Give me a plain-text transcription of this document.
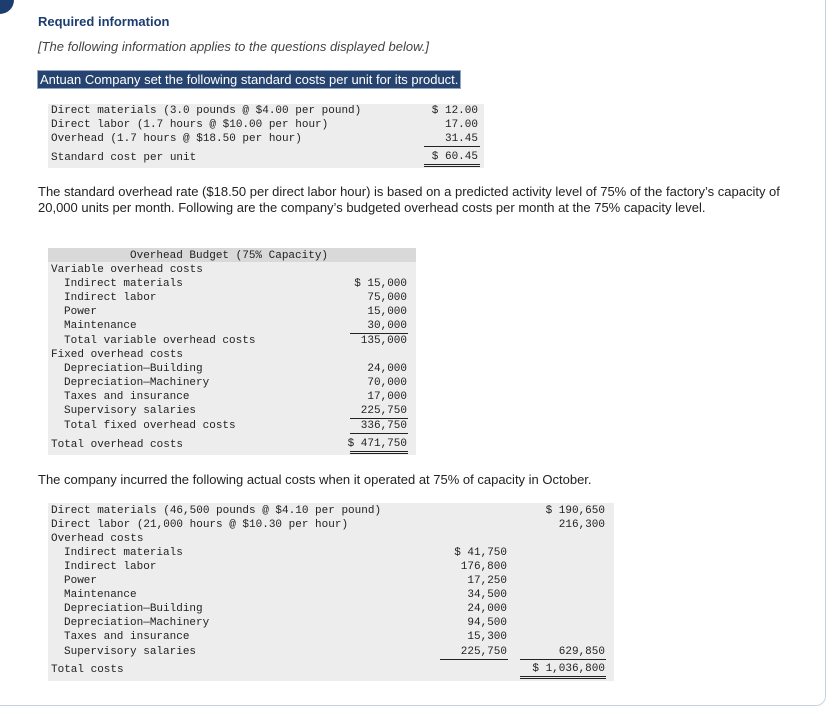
Required information
[The following information applies to the questions displayed below.]
Antuan Company set the following standard costs per unit for its product.
Direct materials (3.0 pounds @ $4.00 per pound)	$ 12.00
Direct labor (1.7 hours @ $10.00 per hour)	17.00
Overhead (1.7 hours @ $18.50 per hour)	31.45
Standard cost per unit	$ 60.45
The standard overhead rate ($18.50 per direct labor hour) is based on a predicted activity level of 75% of the factory’s capacity of 20,000 units per month. Following are the company’s budgeted overhead costs per month at the 75% capacity level.
Overhead Budget (75% Capacity)
Variable overhead costs
Indirect materials	$ 15,000
Indirect labor	75,000
Power	15,000
Maintenance	30,000
Total variable overhead costs	135,000
Fixed overhead costs
Depreciation—Building	24,000
Depreciation—Machinery	70,000
Taxes and insurance	17,000
Supervisory salaries	225,750
Total fixed overhead costs	336,750
Total overhead costs	$ 471,750
The company incurred the following actual costs when it operated at 75% of capacity in October.
Direct materials (46,500 pounds @ $4.10 per pound)	$ 190,650
Direct labor (21,000 hours @ $10.30 per hour)	216,300
Overhead costs
Indirect materials	$ 41,750
Indirect labor	176,800
Power	17,250
Maintenance	34,500
Depreciation—Building	24,000
Depreciation—Machinery	94,500
Taxes and insurance	15,300
Supervisory salaries	225,750	629,850
Total costs	$ 1,036,800
